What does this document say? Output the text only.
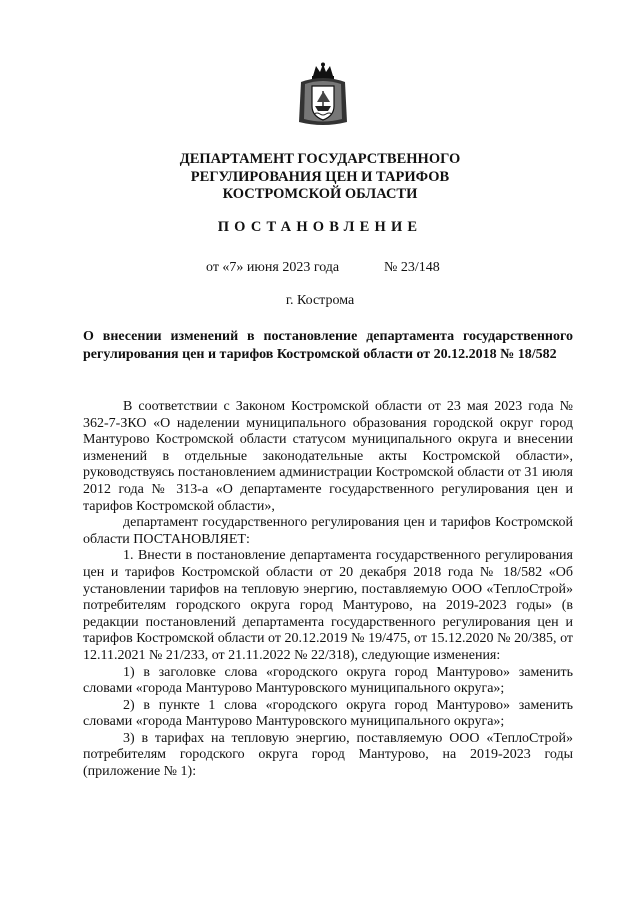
ДЕПАРТАМЕНТ ГОСУДАРСТВЕННОГО
РЕГУЛИРОВАНИЯ ЦЕН И ТАРИФОВ
КОСТРОМСКОЙ ОБЛАСТИ
ПОСТАНОВЛЕНИЕ
от «7» июня 2023 года	№ 23/148
г. Кострома
О внесении изменений в постановление департамента государственного регулирования цен и тарифов Костромской области от 20.12.2018 № 18/582

В соответствии с Законом Костромской области от 23 мая 2023 года № 362-7-ЗКО «О наделении муниципального образования городской округ город Мантурово Костромской области статусом муниципального округа и внесении изменений в отдельные законодательные акты Костромской области», руководствуясь постановлением администрации Костромской области от 31 июля 2012 года № 313-а «О департаменте государственного регулирования цен и тарифов Костромской области»,

департамент государственного регулирования цен и тарифов Костромской области ПОСТАНОВЛЯЕТ:

1. Внести в постановление департамента государственного регулирования цен и тарифов Костромской области от 20 декабря 2018 года № 18/582 «Об установлении тарифов на тепловую энергию, поставляемую ООО «ТеплоСтрой» потребителям городского округа город Мантурово, на 2019-2023 годы» (в редакции постановлений департамента государственного регулирования цен и тарифов Костромской области от 20.12.2019 № 19/475, от 15.12.2020 № 20/385, от 12.11.2021 № 21/233, от 21.11.2022 № 22/318), следующие изменения:

1) в заголовке слова «городского округа город Мантурово» заменить словами «города Мантурово Мантуровского муниципального округа»;

2) в пункте 1 слова «городского округа город Мантурово» заменить словами «города Мантурово Мантуровского муниципального округа»;

3) в тарифах на тепловую энергию, поставляемую ООО «ТеплоСтрой» потребителям городского округа город Мантурово, на 2019-2023 годы (приложение № 1):
